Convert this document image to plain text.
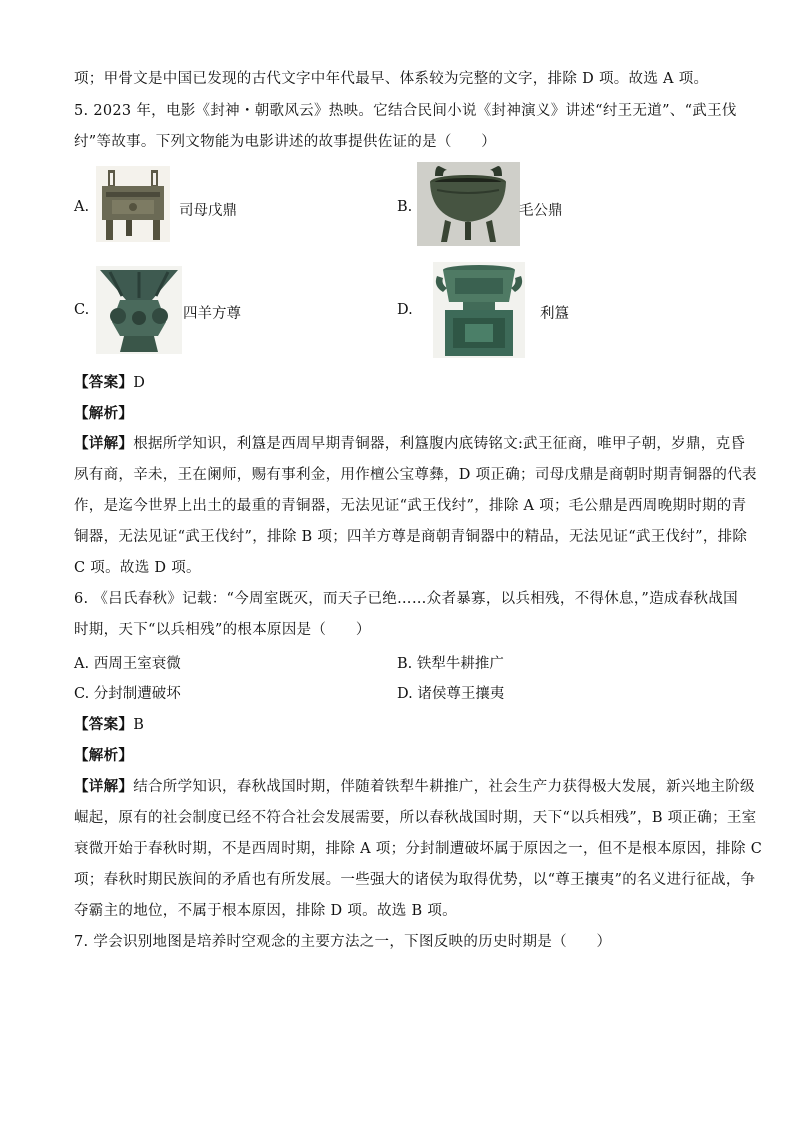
项；甲骨文是中国已发现的古代文字中年代最早、体系较为完整的文字，排除 D 项。故选 A 项。
5. 2023 年，电影《封神・朝歌风云》热映。它结合民间小说《封神演义》讲述“纣王无道”、“武王伐
纣”等故事。下列文物能为电影讲述的故事提供佐证的是（　　）
A.	司母戊鼎	B.	毛公鼎
C.	四羊方尊	D.	利簋
【答案】D
【解析】
【详解】根据所学知识，利簋是西周早期青铜器，利簋腹内底铸铭文:武王征商，唯甲子朝，岁鼎，克昏
夙有商，辛未，王在阑师，赐有事利金，用作檀公宝尊彝，D 项正确；司母戊鼎是商朝时期青铜器的代表
作，是迄今世界上出土的最重的青铜器，无法见证“武王伐纣”，排除 A 项；毛公鼎是西周晚期时期的青
铜器，无法见证“武王伐纣”，排除 B 项；四羊方尊是商朝青铜器中的精品，无法见证“武王伐纣”，排除
C 项。故选 D 项。
6. 《吕氏春秋》记载：“今周室既灭，而天子已绝……众者暴寡，以兵相残，不得休息，”造成春秋战国
时期，天下“以兵相残”的根本原因是（　　）
A. 西周王室衰微	B. 铁犁牛耕推广
C. 分封制遭破坏	D. 诸侯尊王攘夷
【答案】B
【解析】
【详解】结合所学知识，春秋战国时期，伴随着铁犁牛耕推广，社会生产力获得极大发展，新兴地主阶级
崛起，原有的社会制度已经不符合社会发展需要，所以春秋战国时期，天下“以兵相残”，B 项正确；王室
衰微开始于春秋时期，不是西周时期，排除 A 项；分封制遭破坏属于原因之一，但不是根本原因，排除 C
项；春秋时期民族间的矛盾也有所发展。一些强大的诸侯为取得优势，以“尊王攘夷”的名义进行征战，争
夺霸主的地位，不属于根本原因，排除 D 项。故选 B 项。
7. 学会识别地图是培养时空观念的主要方法之一，下图反映的历史时期是（　　）
